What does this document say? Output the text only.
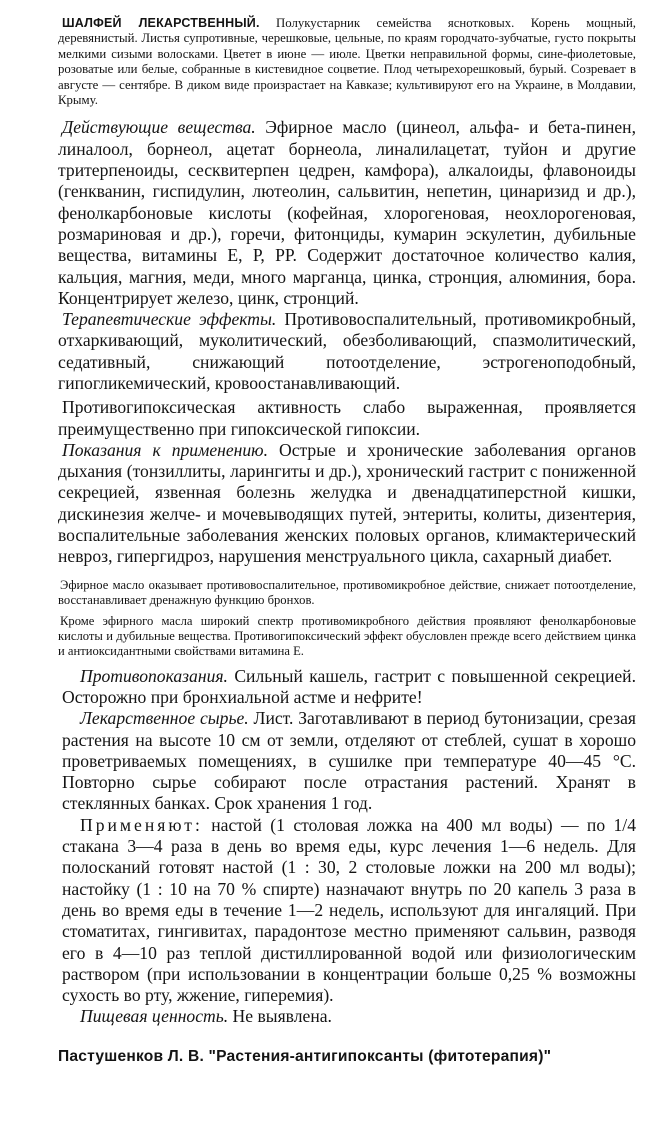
ШАЛФЕЙ ЛЕКАРСТВЕННЫЙ. Полукустарник семейства яснотковых. Корень мощный, деревянистый. Листья супротивные, черешковые, цельные, по краям городчато-зубчатые, густо покрыты мелкими сизыми волосками. Цветет в июне — июле. Цветки неправильной формы, сине-фиолетовые, розоватые или белые, собранные в кистевидное соцветие. Плод четырехорешковый, бурый. Созревает в августе — сентябре. В диком виде произрастает на Кавказе; культивируют его на Украине, в Молдавии, Крыму.

Действующие вещества. Эфирное масло (цинеол, альфа- и бета-пинен, линалоол, борнеол, ацетат борнеола, линалилацетат, туйон и другие тритерпеноиды, сесквитерпен цедрен, камфора), алкалоиды, флавоноиды (генкванин, гиспидулин, лютеолин, сальвитин, непетин, цинаризид и др.), фенолкарбоновые кислоты (кофейная, хлорогеновая, неохлорогеновая, розмариновая и др.), горечи, фитонциды, кумарин эскулетин, дубильные вещества, витамины Е, Р, РР. Содержит достаточное количество калия, кальция, магния, меди, много марганца, цинка, стронция, алюминия, бора. Концентрирует железо, цинк, стронций.

Терапевтические эффекты. Противовоспалительный, противомикробный, отхаркивающий, муколитический, обезболивающий, спазмолитический, седативный, снижающий потоотделение, эстрогеноподобный, гипогликемический, кровоостанавливающий.

Противогипоксическая активность слабо выраженная, проявляется преимущественно при гипоксической гипоксии.

Показания к применению. Острые и хронические заболевания органов дыхания (тонзиллиты, ларингиты и др.), хронический гастрит с пониженной секрецией, язвенная болезнь желудка и двенадцатиперстной кишки, дискинезия желче- и мочевыводящих путей, энтериты, колиты, дизентерия, воспалительные заболевания женских половых органов, климактерический невроз, гипергидроз, нарушения менструального цикла, сахарный диабет.

Эфирное масло оказывает противовоспалительное, противомикробное действие, снижает потоотделение, восстанавливает дренажную функцию бронхов.

Кроме эфирного масла широкий спектр противомикробного действия проявляют фенолкарбоновые кислоты и дубильные вещества. Противогипоксический эффект обусловлен прежде всего действием цинка и антиоксидантными свойствами витамина Е.

Противопоказания. Сильный кашель, гастрит с повышенной секрецией. Осторожно при бронхиальной астме и нефрите!

Лекарственное сырье. Лист. Заготавливают в период бутонизации, срезая растения на высоте 10 см от земли, отделяют от стеблей, сушат в хорошо проветриваемых помещениях, в сушилке при температуре 40—45 °С. Повторно сырье собирают после отрастания растений. Хранят в стеклянных банках. Срок хранения 1 год.

Применяют: настой (1 столовая ложка на 400 мл воды) — по 1/4 стакана 3—4 раза в день во время еды, курс лечения 1—6 недель. Для полосканий готовят настой (1 : 30, 2 столовые ложки на 200 мл воды); настойку (1 : 10 на 70 % спирте) назначают внутрь по 20 капель 3 раза в день во время еды в течение 1—2 недель, используют для ингаляций. При стоматитах, гингивитах, парадонтозе местно применяют сальвин, разводя его в 4—10 раз теплой дистиллированной водой или физиологическим раствором (при использовании в концентрации больше 0,25 % возможны сухость во рту, жжение, гиперемия).

Пищевая ценность. Не выявлена.

Пастушенков Л. В. "Растения-антигипоксанты (фитотерапия)"
